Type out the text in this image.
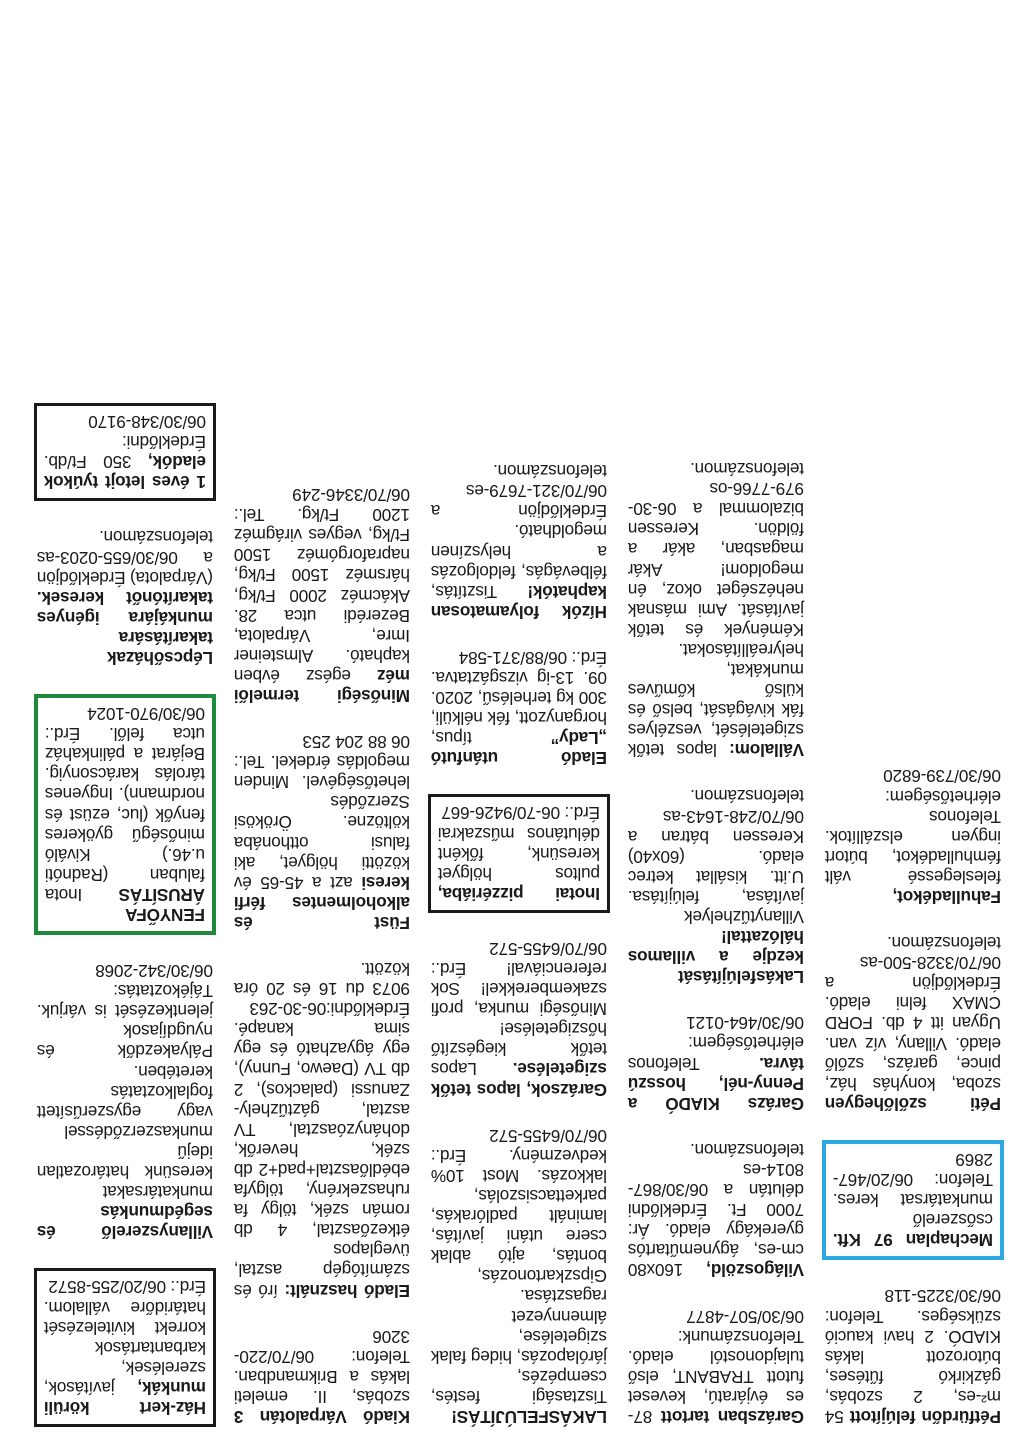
Pétfürdőn felújított 54 m²-es, 2 szobás, gázkirkó fűtéses, bútorozott lakás KIADÓ. 2 havi kaució szükséges. Telefon: 06/30/3225-118
Mechaplan 97 Kft. csőszerelő munkatársat keres. Telefon: 06/20/467-2869
Péti szőlőhegyen szoba, konyhás ház, pince, garázs, szőlő eladó. Villany, víz van. Ugyan itt 4 db. FORD CMAX felni eladó. Érdeklődjön a 06/70/3328-500-as telefonszámon.
Fahulladékot, feleslegessé vált fémhulladékot, bútort ingyen elszállítok. Telefonos elérhetőségem: 06/30/739-6820
Garázsban tartott 87-es évjáratú, keveset futott TRABANT, első tulajdonostól eladó. Telefonszámunk: 06/30/507-4877
Világoszöld, 160x80 cm-es, ágyneműtartós gyerekágy eladó. Ár: 7000 Ft. Érdeklődni délután a 06/30/867-8014-es telefonszámon.
Garázs KIADÓ a Penny-nél, hosszú távra. Telefonos elérhetőségem: 06/30/464-0121
Lakásfelújítását kezdje a villamos hálózattal! Villanytűzhelyek javítása, felújítása. U.itt. kisállat ketrec eladó. (60x40) Keressen bátran a 06/70/248-1643-as telefonszámon.
Vállalom: lapos tetők szigetelését, veszélyes fák kivágását, belső és külső kőműves munkákat, helyreállításokat. Kémények és tetők javítását. Ami másnak nehézséget okoz, én megoldom! Akár magasban, akár a földön. Keressen bizalommal a 06-30-979-7766-os telefonszámon.
LAKÁSFELÚJÍTÁS! Tisztasági festés, csempézés, járólapozás, hideg falak szigetelése, álmennyezet ragasztása. Gipszkartonozás, bontás, ajtó ablak csere utáni javítás, laminált padlórakás, parkettacsiszolás, lakkozás. Most 10% kedvezmény. Érd.: 06/70/6455-572
Garázsok, lapos tetők szigetelése. Lapos tetők kiegészítő hőszigetelése! Minőségi munka, profi szakemberekkel! Sok referenciával! Érd.: 06/70/6455-572
Inotai pizzériába, pultos hölgyet keresünk, főként délutános műszakrai Érd.: 06-70/9426-667
Eladó utánfutó „Lady” típus, horganyzott, fék nélküli, 300 kg terhelésű, 2020. 09. 13-ig vizsgáztatva. Érd.: 06/88/371-584
Hízók folyamatosan kaphatók! Tisztítás, félbevágás, feldolgozás a helyszínen megoldható. Érdeklődjön a 06/70/321-7679-es telefonszámon.
Kiadó Várpalotán 3 szobás, II. emeleti lakás a Brikmandban. Telefon: 06/70/220-3206
Eladó használt: író és számítógép asztal, üveglapos étkezőasztal, 4 db román szék, tölgy fa ruhaszekrény, tölgyfa ebédlőasztal+pad+2 db szék, heverők, dohányzóasztal, TV asztal, gáztűzhely-Zanussi (palackos), 2 db TV (Daewo, Funny), egy ágyazható és egy sima kanapé. Érdeklődni:06-30-263 9073 du 16 és 20 óra között.
Füst és alkoholmentes férfi keresi azt a 45-65 év közötti hölgyet, aki falusi otthonába költözne. Örökösi Szerződés lehetőségével. Minden megoldás érdekel. Tel.: 06 88 204 253
Minőségi termelői méz egész évben kapható. Almsteiner Imre, Várpalota, Bezerédi utca 28. Akácméz 2000 Ft/kg, hársméz 1500 Ft/kg, napraforgóméz 1500 Ft/kg, vegyes virágméz 1200 Ft/kg. Tel.: 06/70/3346-249
Ház-kert körüli munkák, javítások, szerelések, karbantartások korrekt kivitelezését határidőre vállalom. Érd.: 06/20/255-8572
Villanyszerelő és segédmunkás munkatársakat keresünk határozatlan idejű munkaszerződéssel vagy egyszerűsített foglalkoztatás keretében. Pályakezdők és nyugdíjasok jelentkezését is várjuk. Tájékoztatás: 06/30/342-2068
FENYŐFA ÁRUSÍTÁS Inota faluban (Radnóti u.46.) Kiváló minőségű gyökeres fenyők (luc, ezüst és nordmann). Ingyenes tárolás karácsonyig. Bejárat a pálinkaház utca felől. Érd.: 06/30/970-1024
Lépcsőházak takarítására munkájára igényes takarítónőt keresek. (Várpalota) Érdeklődjön a 06/30/655-0203-as telefonszámon.
1 éves letojt tyúkok eladók, 350 Ft/db. Érdeklődni: 06/30/348-9170
